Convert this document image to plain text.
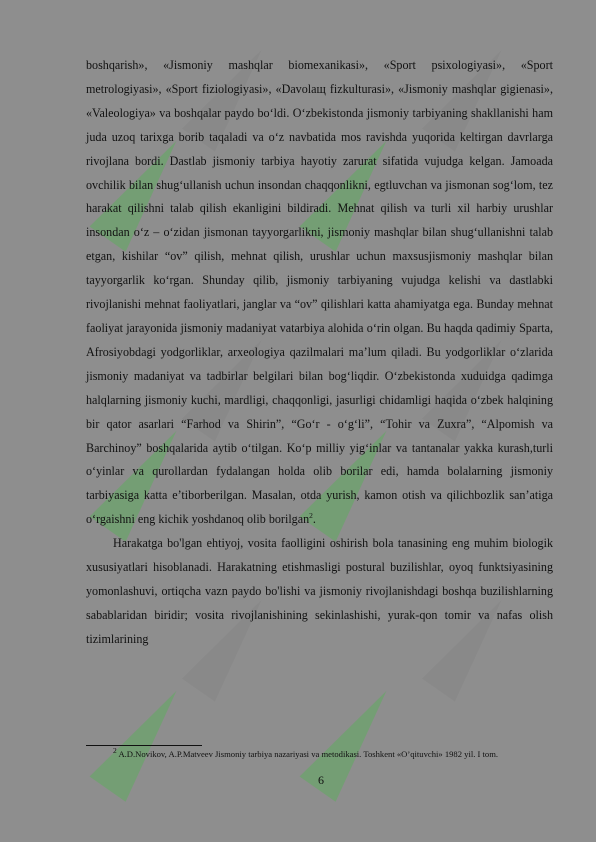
boshqarish», «Jismoniy mashqlar biomexanikasi», «Sport psixologiyasi», «Sport metrologiyasi», «Sport fiziologiyasi», «Davolaщ fizkulturasi», «Jismoniy mashqlar gigienasi», «Valeologiya» va boshqalar paydo bo‘ldi. O‘zbekistonda jismoniy tarbiyaning shakllanishi ham juda uzoq tarixga borib taqaladi va o‘z navbatida mos ravishda yuqorida keltirgan davrlarga rivojlana bordi. Dastlab jismoniy tarbiya hayotiy zarurat sifatida vujudga kelgan. Jamoada ovchilik bilan shug‘ullanish uchun insondan chaqqonlikni, egtluvchan va jismonan sog‘lom, tez harakat qilishni talab qilish ekanligini bildiradi. Mehnat qilish va turli xil harbiy urushlar insondan o‘z – o‘zidan jismonan tayyorgarlikni, jismoniy mashqlar bilan shug‘ullanishni talab etgan, kishilar “ov” qilish, mehnat qilish, urushlar uchun maxsusjismoniy mashqlar bilan tayyorgarlik ko‘rgan. Shunday qilib, jismoniy tarbiyaning vujudga kelishi va dastlabki rivojlanishi mehnat faoliyatlari, janglar va “ov” qilishlari katta ahamiyatga ega. Bunday mehnat faoliyat jarayonida jismoniy madaniyat vatarbiya alohida o‘rin olgan. Bu haqda qadimiy Sparta, Afrosiyobdagi yodgorliklar, arxeologiya qazilmalari ma’lum qiladi. Bu yodgorliklar o‘zlarida jismoniy madaniyat va tadbirlar belgilari bilan bog‘liqdir. O‘zbekistonda xuduidga qadimga halqlarning jismoniy kuchi, mardligi, chaqqonligi, jasurligi chidamligi haqida o‘zbek halqining bir qator asarlari “Farhod va Shirin”, “Go‘r - o‘g‘li”, “Tohir va Zuxra”, “Alpomish va Barchinoy” boshqalarida aytib o‘tilgan. Ko‘p milliy yig‘inlar va tantanalar yakka kurash,turli o‘yinlar va qurollardan fydalangan holda olib borilar edi, hamda bolalarning jismoniy tarbiyasiga katta e’tiborberilgan. Masalan, otda yurish, kamon otish va qilichbozlik san’atiga o‘rgaishni eng kichik yoshdanoq olib borilgan$^2$.

Harakatga bo'lgan ehtiyoj, vosita faolligini oshirish bola tanasining eng muhim biologik xususiyatlari hisoblanadi. Harakatning etishmasligi postural buzilishlar, oyoq funktsiyasining yomonlashuvi, ortiqcha vazn paydo bo'lishi va jismoniy rivojlanishdagi boshqa buzilishlarning sabablaridan biridir; vosita rivojlanishining sekinlashishi, yurak-qon tomir va nafas olish tizimlarining

$^2$ A.D.Novikov, A.P.Matveev Jismoniy tarbiya nazariyasi va metodikasi. Toshkent «O’qituvchi» 1982 yil. I tom.
6
